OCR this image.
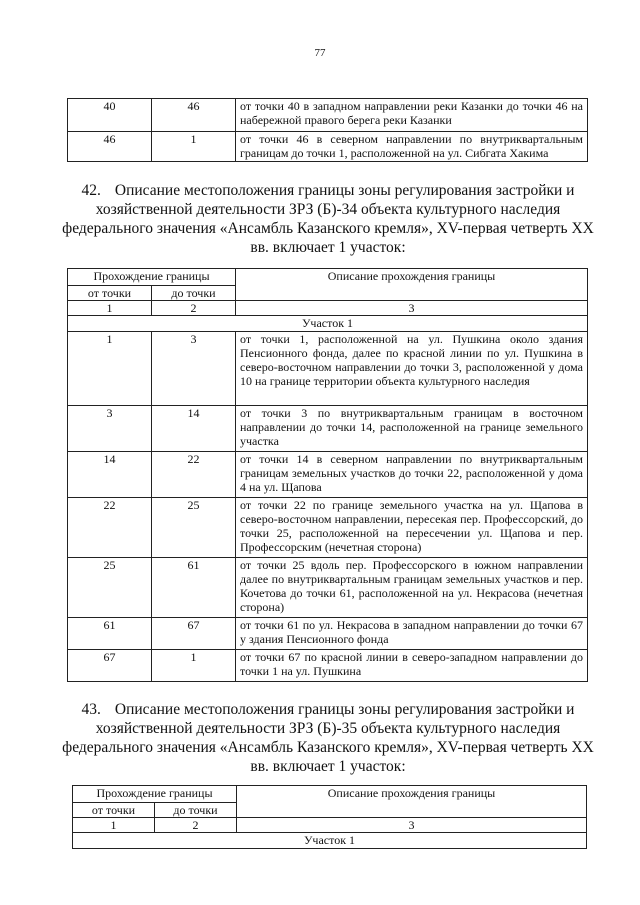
77
40	46	от точки 40 в западном направлении реки Казанки до точки 46 на набережной правого берега реки Казанки
46	1	от точки 46 в северном направлении по внутриквартальным границам до точки 1, расположенной на ул. Сибгата Хакима
42. Описание местоположения границы зоны регулирования застройки и хозяйственной деятельности ЗРЗ (Б)-34 объекта культурного наследия федерального значения «Ансамбль Казанского кремля», XV-первая четверть XX вв. включает 1 участок:
Прохождение границы		Описание прохождения границы
от точки	до точки	
1	2	3
Участок 1		
1	3	от точки 1, расположенной на ул. Пушкина около здания Пенсионного фонда, далее по красной линии по ул. Пушкина в северо-восточном направлении до точки 3, расположенной у дома 10 на границе территории объекта культурного наследия
3	14	от точки 3 по внутриквартальным границам в восточном направлении до точки 14, расположенной на границе земельного участка
14	22	от точки 14 в северном направлении по внутриквартальным границам земельных участков до точки 22, расположенной у дома 4 на ул. Щапова
22	25	от точки 22 по границе земельного участка на ул. Щапова в северо-восточном направлении, пересекая пер. Профессорский, до точки 25, расположенной на пересечении ул. Щапова и пер. Профессорским (нечетная сторона)
25	61	от точки 25 вдоль пер. Профессорского в южном направлении далее по внутриквартальным границам земельных участков и пер. Кочетова до точки 61, расположенной на ул. Некрасова (нечетная сторона)
61	67	от точки 61 по ул. Некрасова в западном направлении до точки 67 у здания Пенсионного фонда
67	1	от точки 67 по красной линии в северо-западном направлении до точки 1 на ул. Пушкина
43. Описание местоположения границы зоны регулирования застройки и хозяйственной деятельности ЗРЗ (Б)-35 объекта культурного наследия федерального значения «Ансамбль Казанского кремля», XV-первая четверть XX вв. включает 1 участок:
Прохождение границы		Описание прохождения границы
от точки	до точки	
1	2	3
Участок 1		
